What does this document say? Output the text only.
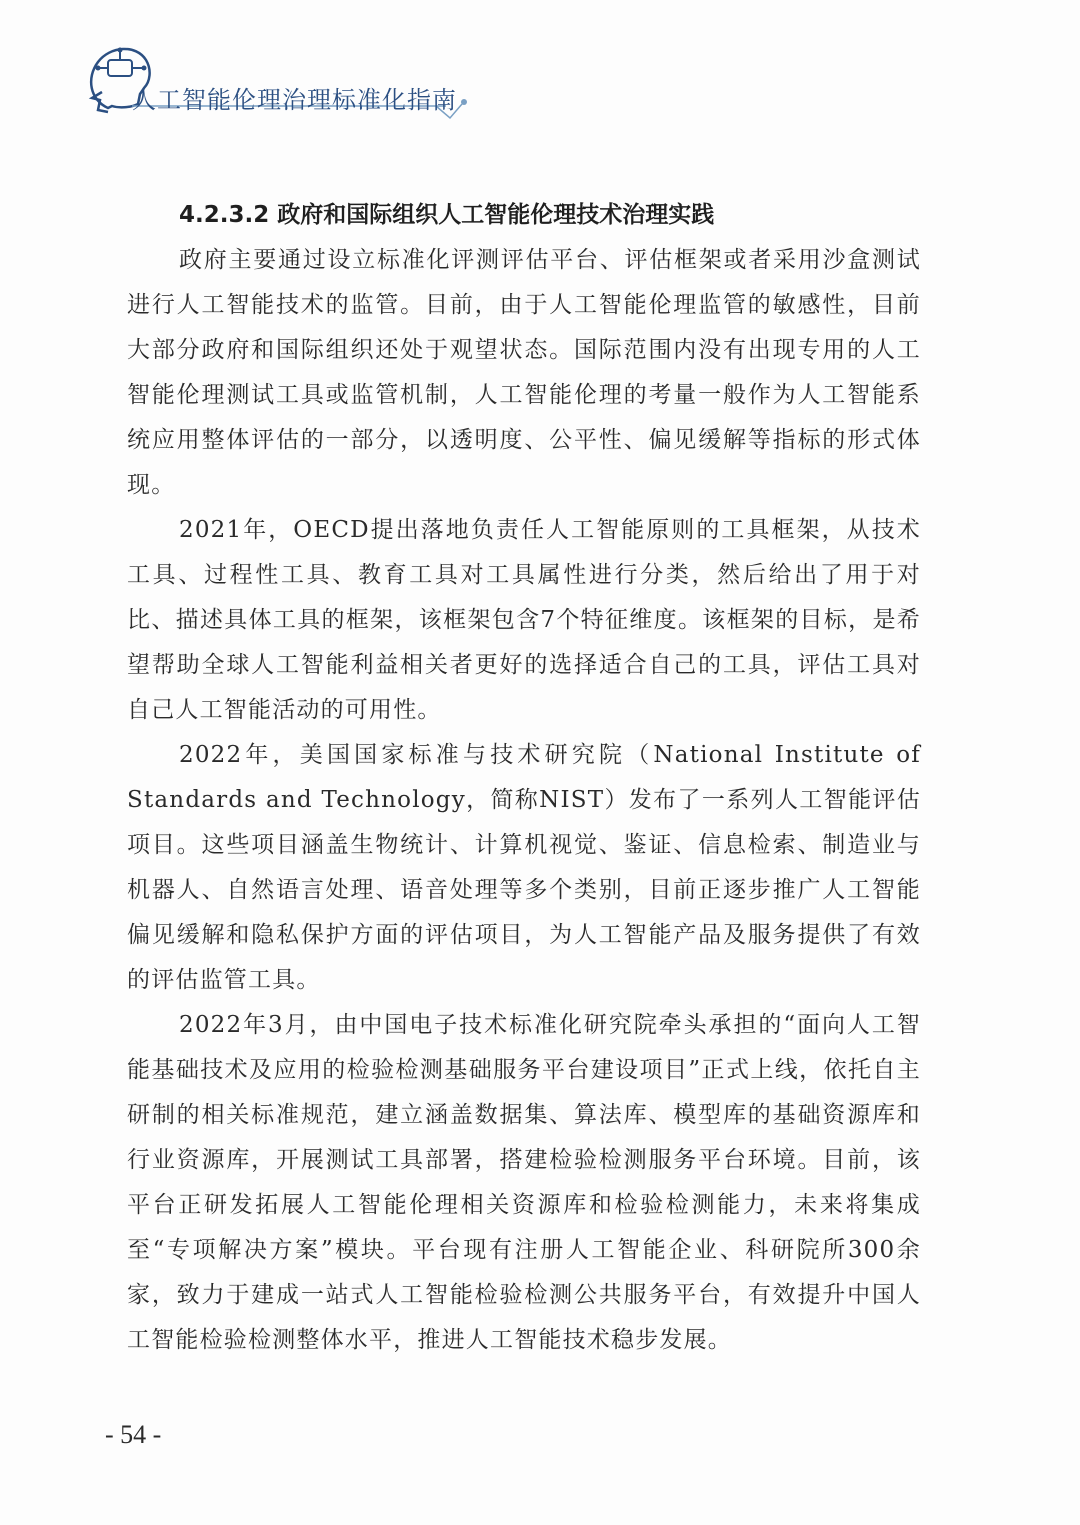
人工智能伦理治理标准化指南
4.2.3.2 政府和国际组织人工智能伦理技术治理实践

政府主要通过设立标准化评测评估平台、评估框架或者采用沙盒测试进行人工智能技术的监管。目前，由于人工智能伦理监管的敏感性，目前大部分政府和国际组织还处于观望状态。国际范围内没有出现专用的人工智能伦理测试工具或监管机制，人工智能伦理的考量一般作为人工智能系统应用整体评估的一部分，以透明度、公平性、偏见缓解等指标的形式体现。

2021年，OECD提出落地负责任人工智能原则的工具框架，从技术工具、过程性工具、教育工具对工具属性进行分类，然后给出了用于对比、描述具体工具的框架，该框架包含7个特征维度。该框架的目标，是希望帮助全球人工智能利益相关者更好的选择适合自己的工具，评估工具对自己人工智能活动的可用性。

2022年，美国国家标准与技术研究院（National Institute of Standards and Technology，简称NIST）发布了一系列人工智能评估项目。这些项目涵盖生物统计、计算机视觉、鉴证、信息检索、制造业与机器人、自然语言处理、语音处理等多个类别，目前正逐步推广人工智能偏见缓解和隐私保护方面的评估项目，为人工智能产品及服务提供了有效的评估监管工具。

2022年3月，由中国电子技术标准化研究院牵头承担的“面向人工智能基础技术及应用的检验检测基础服务平台建设项目”正式上线，依托自主研制的相关标准规范，建立涵盖数据集、算法库、模型库的基础资源库和行业资源库，开展测试工具部署，搭建检验检测服务平台环境。目前，该平台正研发拓展人工智能伦理相关资源库和检验检测能力，未来将集成至“专项解决方案”模块。平台现有注册人工智能企业、科研院所300余家，致力于建成一站式人工智能检验检测公共服务平台，有效提升中国人工智能检验检测整体水平，推进人工智能技术稳步发展。

- 54 -
